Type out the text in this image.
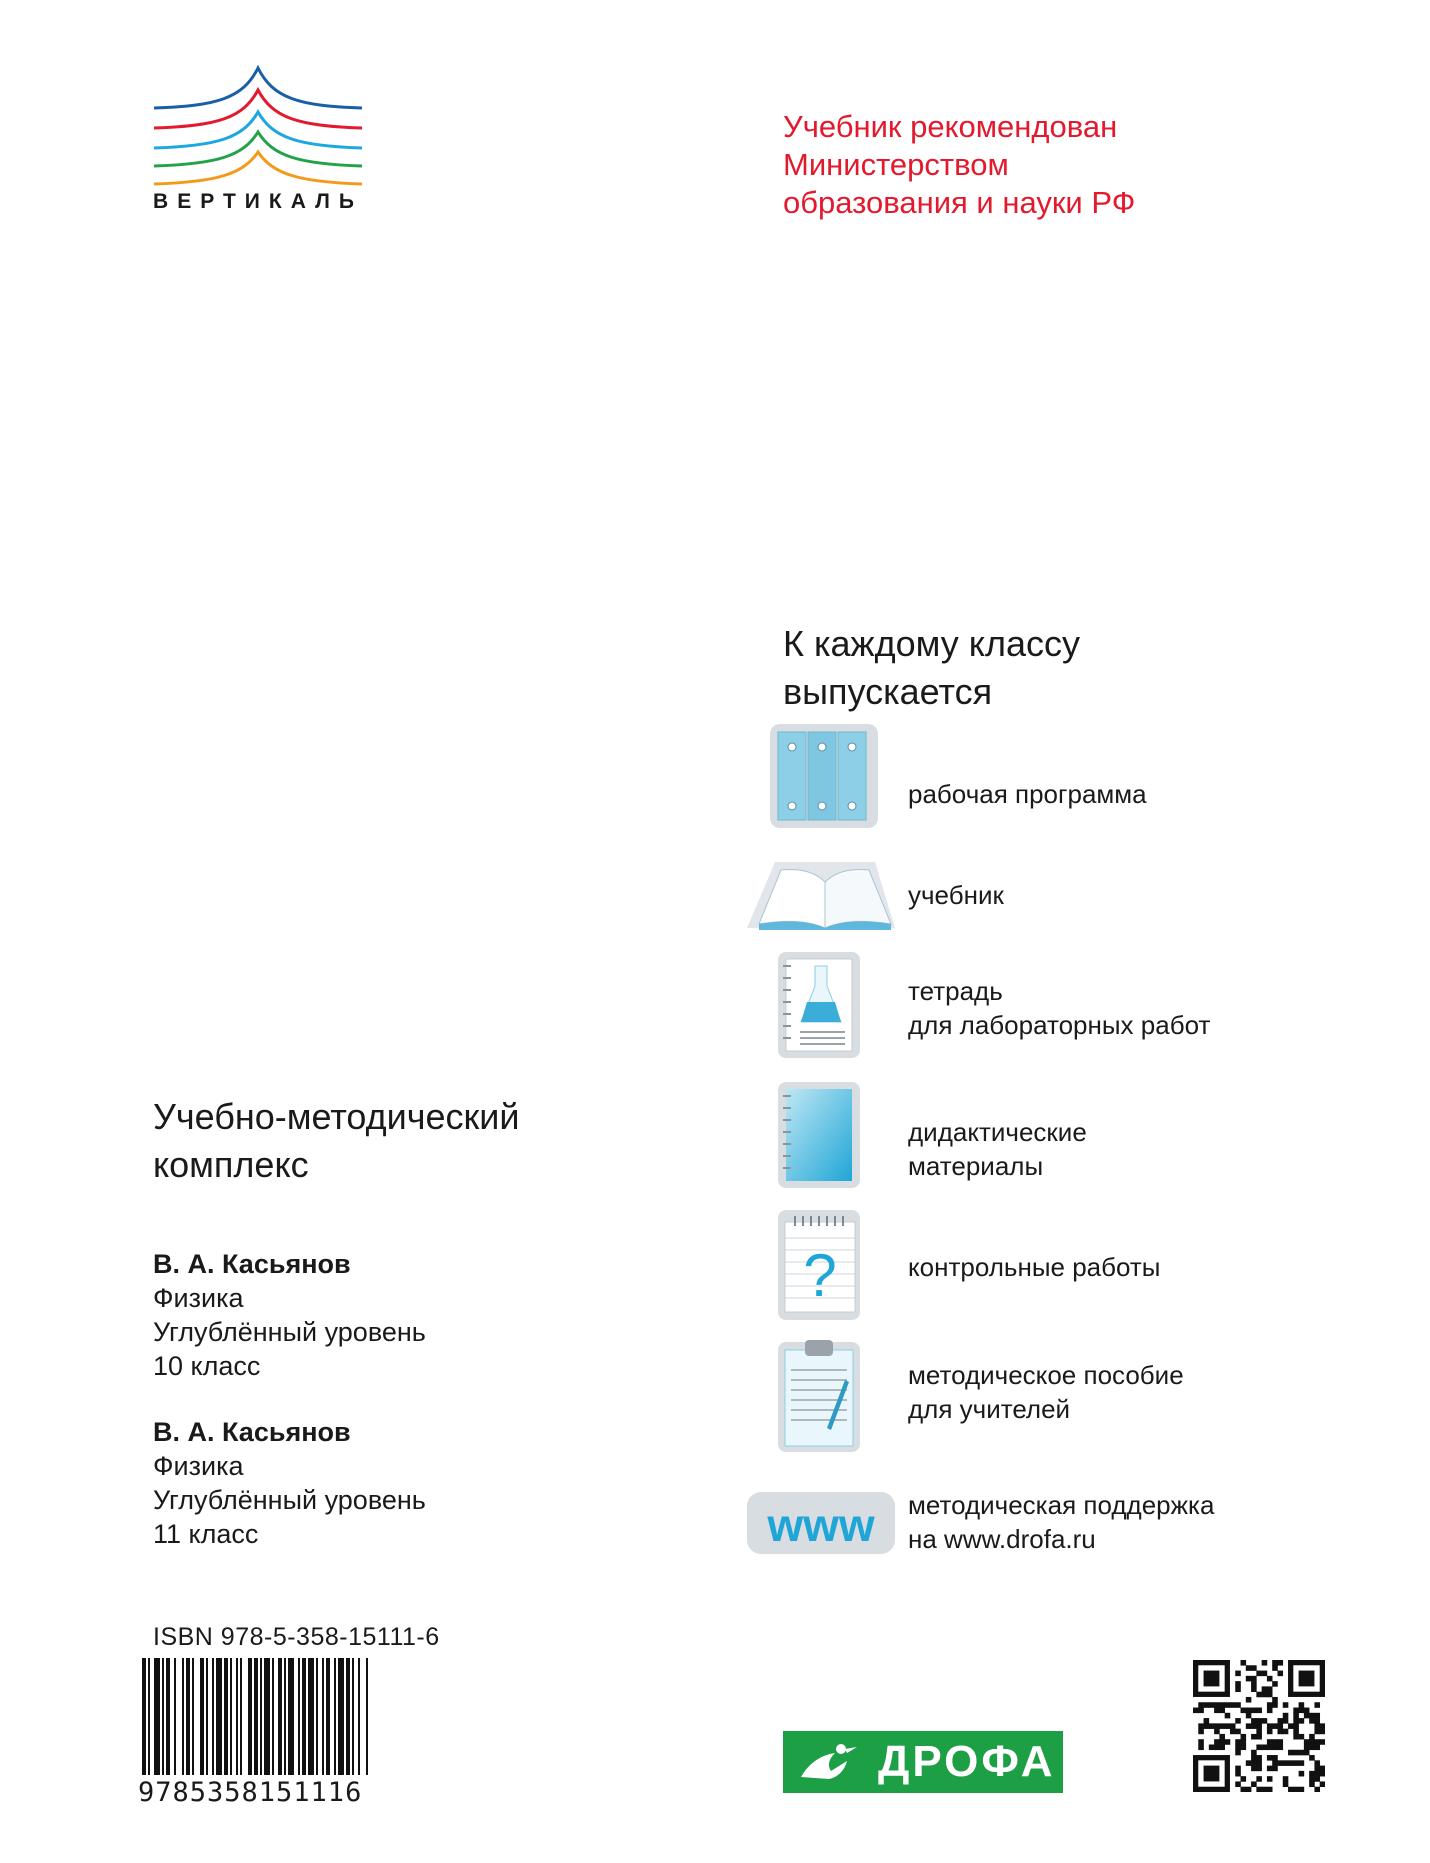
ВЕРТИКАЛЬ
Учебник рекомендован
Министерством
образования и науки РФ
К каждому классу
выпускается
рабочая программа
учебник
тетрадь
для лабораторных работ
дидактические
материалы
?	контрольные работы
методическое пособие
для учителей
www методическая поддержка
на www.drofa.ru
Учебно-методический
комплекс
В. А. Касьянов
Физика
Углублённый уровень
10 класс
В. А. Касьянов
Физика
Углублённый уровень
11 класс
ISBN 978-5-358-15111-6
9785358151116
ДРОФА
